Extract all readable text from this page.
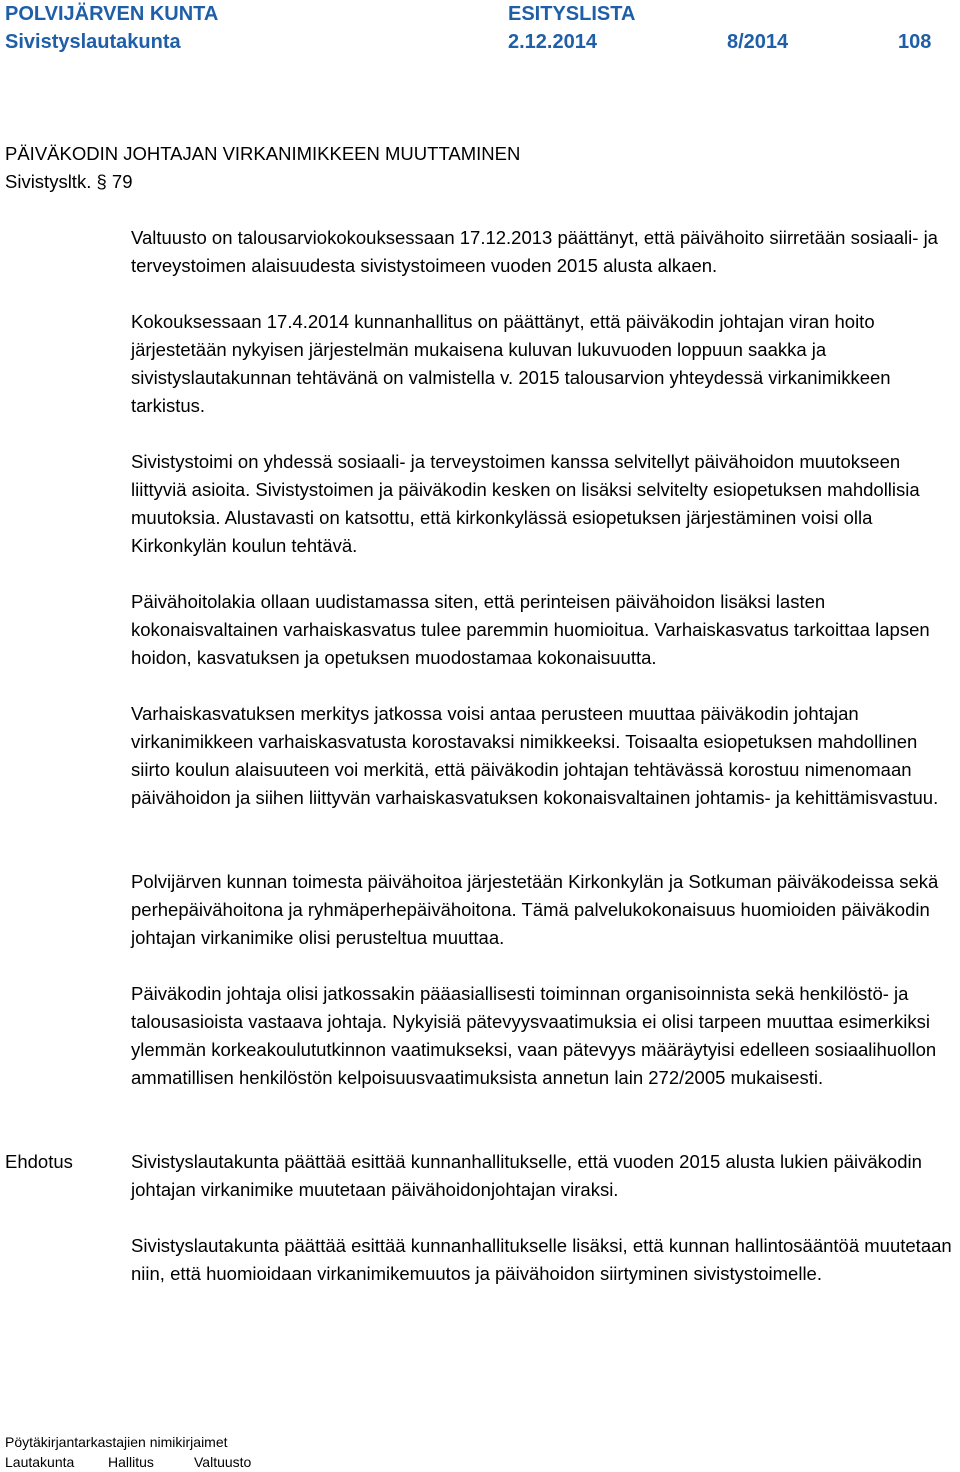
POLVIJÄRVEN KUNTA	ESITYSLISTA
Sivistyslautakunta	2.12.2014	8/2014	108
PÄIVÄKODIN JOHTAJAN VIRKANIMIKKEEN MUUTTAMINEN
Sivistysltk. § 79

Valtuusto on talousarviokokouksessaan 17.12.2013 päättänyt, että päivähoito siirretään sosiaali- ja terveystoimen alaisuudesta sivistystoimeen vuoden 2015 alusta alkaen.

Kokouksessaan 17.4.2014 kunnanhallitus on päättänyt, että päiväkodin johtajan viran hoito järjestetään nykyisen järjestelmän mukaisena kuluvan lukuvuoden loppuun saakka ja sivistyslautakunnan tehtävänä on valmistella v. 2015 talousarvion yhteydessä virkanimikkeen tarkistus.

Sivistystoimi on yhdessä sosiaali- ja terveystoimen kanssa selvitellyt päivähoidon muutokseen liittyviä asioita. Sivistystoimen ja päiväkodin kesken on lisäksi selvitelty esiopetuksen mahdollisia muutoksia. Alustavasti on katsottu, että kirkonkylässä esiopetuksen järjestäminen voisi olla Kirkonkylän koulun tehtävä.

Päivähoitolakia ollaan uudistamassa siten, että perinteisen päivähoidon lisäksi lasten kokonaisvaltainen varhaiskasvatus tulee paremmin huomioitua. Varhaiskasvatus tarkoittaa lapsen hoidon, kasvatuksen ja opetuksen muodostamaa kokonaisuutta.

Varhaiskasvatuksen merkitys jatkossa voisi antaa perusteen muuttaa päiväkodin johtajan virkanimikkeen varhaiskasvatusta korostavaksi nimikkeeksi. Toisaalta esiopetuksen mahdollinen siirto koulun alaisuuteen voi merkitä, että päiväkodin johtajan tehtävässä korostuu nimenomaan päivähoidon ja siihen liittyvän varhaiskasvatuksen kokonaisvaltainen johtamis- ja kehittämisvastuu.

Polvijärven kunnan toimesta päivähoitoa järjestetään Kirkonkylän ja Sotkuman päiväkodeissa sekä perhepäivähoitona ja ryhmäperhepäivähoitona. Tämä palvelukokonaisuus huomioiden päiväkodin johtajan virkanimike olisi perusteltua muuttaa.

Päiväkodin johtaja olisi jatkossakin pääasiallisesti toiminnan organisoinnista sekä henkilöstö- ja talousasioista vastaava johtaja. Nykyisiä pätevyysvaatimuksia ei olisi tarpeen muuttaa esimerkiksi ylemmän korkeakoulututkinnon vaatimukseksi, vaan pätevyys määräytyisi edelleen sosiaalihuollon ammatillisen henkilöstön kelpoisuusvaatimuksista annetun lain 272/2005 mukaisesti.

Ehdotus	Sivistyslautakunta päättää esittää kunnanhallitukselle, että vuoden 2015 alusta lukien päiväkodin johtajan virkanimike muutetaan päivähoidonjohtajan viraksi.

Sivistyslautakunta päättää esittää kunnanhallitukselle lisäksi, että kunnan hallintosääntöä muutetaan niin, että huomioidaan virkanimikemuutos ja päivähoidon siirtyminen sivistystoimelle.

Pöytäkirjantarkastajien nimikirjaimet
Lautakunta Hallitus	Valtuusto
